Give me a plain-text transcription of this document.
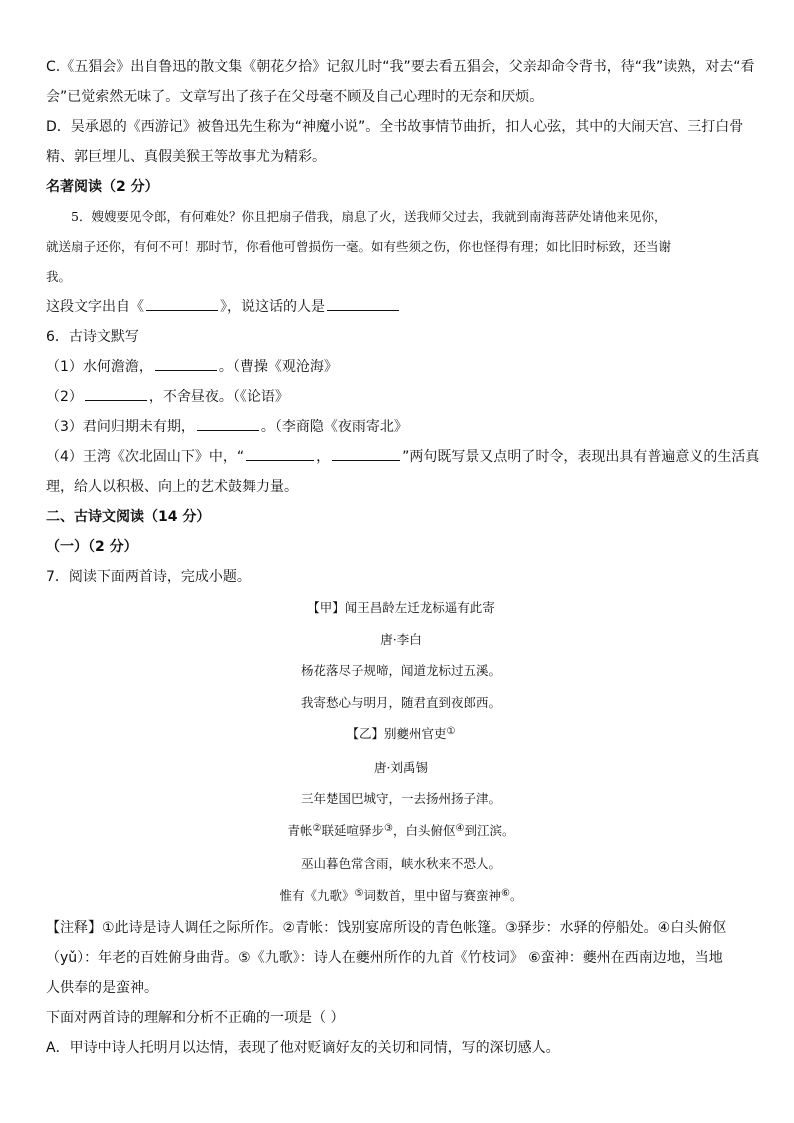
C.《五猖会》出自鲁迅的散文集《朝花夕拾》记叙儿时“我”要去看五猖会，父亲却命令背书，待“我”读熟，对去“看

会”已觉索然无味了。文章写出了孩子在父母毫不顾及自己心理时的无奈和厌烦。

D．吴承恩的《西游记》被鲁迅先生称为“神魔小说”。全书故事情节曲折，扣人心弦，其中的大闹天宫、三打白骨

精、郭巨埋儿、真假美猴王等故事尤为精彩。

名著阅读（2 分）

5．嫂嫂要见令郎，有何难处？你且把扇子借我，扇息了火，送我师父过去，我就到南海菩萨处请他来见你，

就送扇子还你，有何不可！那时节，你看他可曾损伤一毫。如有些须之伤，你也怪得有理；如比旧时标致，还当谢

我。

这段文字出自《	》，说这话的人是

6．古诗文默写

（1）水何澹澹，	。（曹操《观沧海》

（2）	，不舍昼夜。（《论语》

（3）君问归期未有期，	。（李商隐《夜雨寄北》

（4）王湾《次北固山下》中，“	，	”两句既写景又点明了时令，表现出具有普遍意义的生活真

理，给人以积极、向上的艺术鼓舞力量。

二、古诗文阅读（14 分）

（一）（2 分）

7．阅读下面两首诗，完成小题。

【甲】闻王昌龄左迁龙标遥有此寄

唐·李白

杨花落尽子规啼，闻道龙标过五溪。

我寄愁心与明月，随君直到夜郎西。

【乙】别夔州官吏①

唐·刘禹锡

三年楚国巴城守，一去扬州扬子津。

青帐②联延喧驿步③，白头俯伛④到江滨。

巫山暮色常含雨，峡水秋来不恐人。

惟有《九歌》⑤词数首，里中留与赛蛮神⑥。

【注释】①此诗是诗人调任之际所作。②青帐：饯别宴席所设的青色帐篷。③驿步：水驿的停船处。④白头俯伛

（yǔ）：年老的百姓俯身曲背。⑤《九歌》：诗人在夔州所作的九首《竹枝词》 ⑥蛮神：夔州在西南边地，当地

人供奉的是蛮神。

下面对两首诗的理解和分析不正确的一项是（ ）

A．甲诗中诗人托明月以达情，表现了他对贬谪好友的关切和同情，写的深切感人。
